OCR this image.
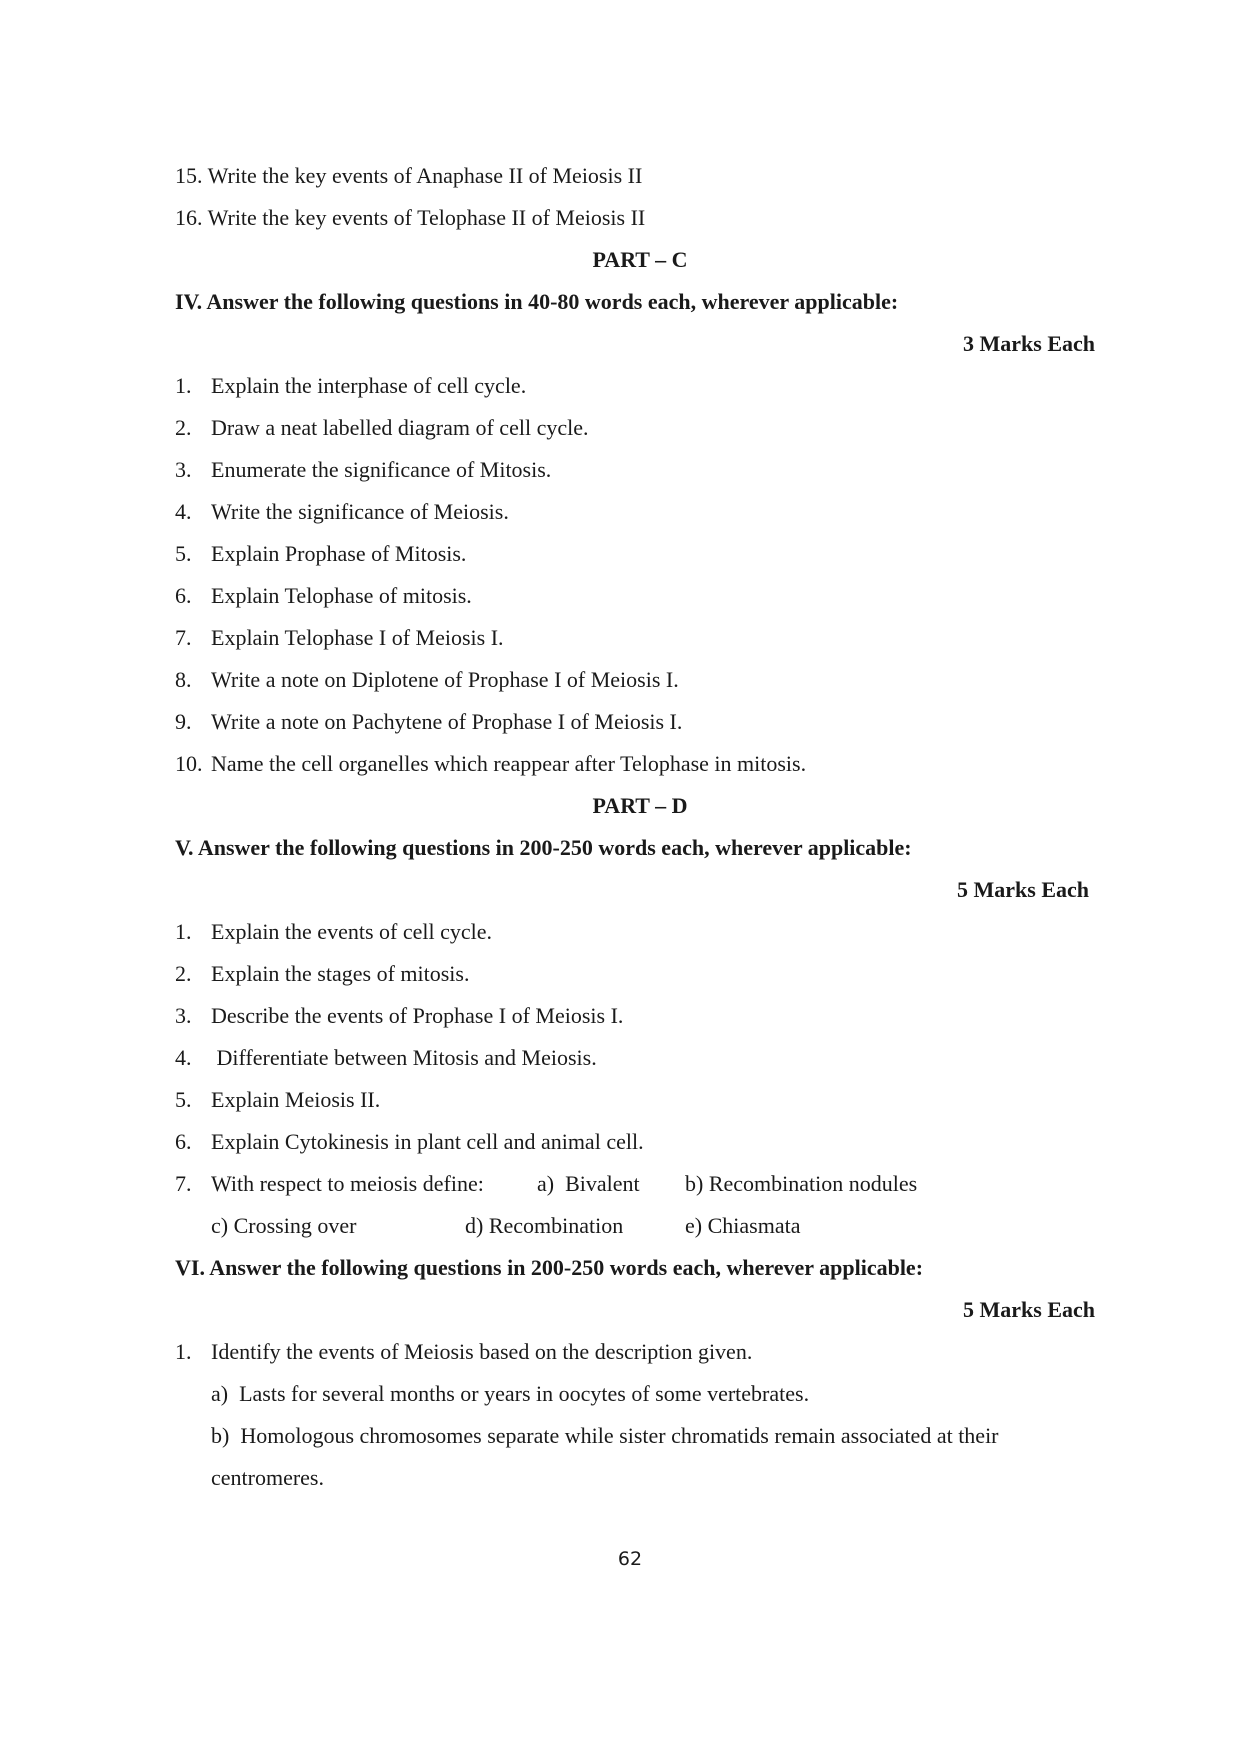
15. Write the key events of Anaphase II of Meiosis II
16. Write the key events of Telophase II of Meiosis II
PART – C
IV. Answer the following questions in 40-80 words each, wherever applicable:
3 Marks Each
1. Explain the interphase of cell cycle.
2. Draw a neat labelled diagram of cell cycle.
3. Enumerate the significance of Mitosis.
4. Write the significance of Meiosis.
5. Explain Prophase of Mitosis.
6. Explain Telophase of mitosis.
7. Explain Telophase I of Meiosis I.
8. Write a note on Diplotene of Prophase I of Meiosis I.
9. Write a note on Pachytene of Prophase I of Meiosis I.
10. Name the cell organelles which reappear after Telophase in mitosis.
PART – D
V. Answer the following questions in 200-250 words each, wherever applicable:
5 Marks Each
1. Explain the events of cell cycle.
2. Explain the stages of mitosis.
3. Describe the events of Prophase I of Meiosis I.
4. Differentiate between Mitosis and Meiosis.
5. Explain Meiosis II.
6. Explain Cytokinesis in plant cell and animal cell.
7. With respect to meiosis define: a)  Bivalent b) Recombination nodules
c) Crossing over	d) Recombination	e) Chiasmata
VI. Answer the following questions in 200-250 words each, wherever applicable:
5 Marks Each
1. Identify the events of Meiosis based on the description given.
a)  Lasts for several months or years in oocytes of some vertebrates.
b)  Homologous chromosomes separate while sister chromatids remain associated at their
centromeres.
62
